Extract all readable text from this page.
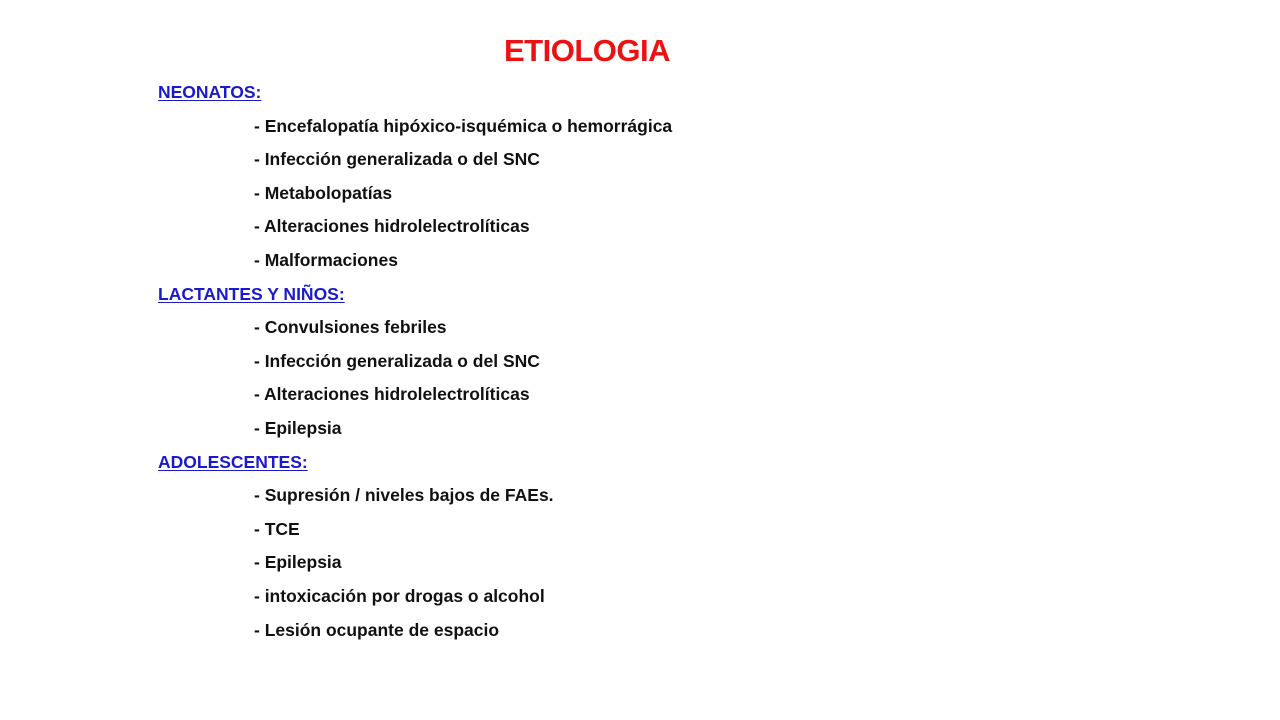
ETIOLOGIA
NEONATOS:
- Encefalopatía hipóxico-isquémica o hemorrágica
- Infección generalizada o del SNC
- Metabolopatías
- Alteraciones hidrolelectrolíticas
- Malformaciones
LACTANTES Y NIÑOS:
- Convulsiones febriles
- Infección generalizada o del SNC
- Alteraciones hidrolelectrolíticas
- Epilepsia
ADOLESCENTES:
- Supresión / niveles bajos de FAEs.
- TCE
- Epilepsia
- intoxicación por drogas o alcohol
- Lesión ocupante de espacio
